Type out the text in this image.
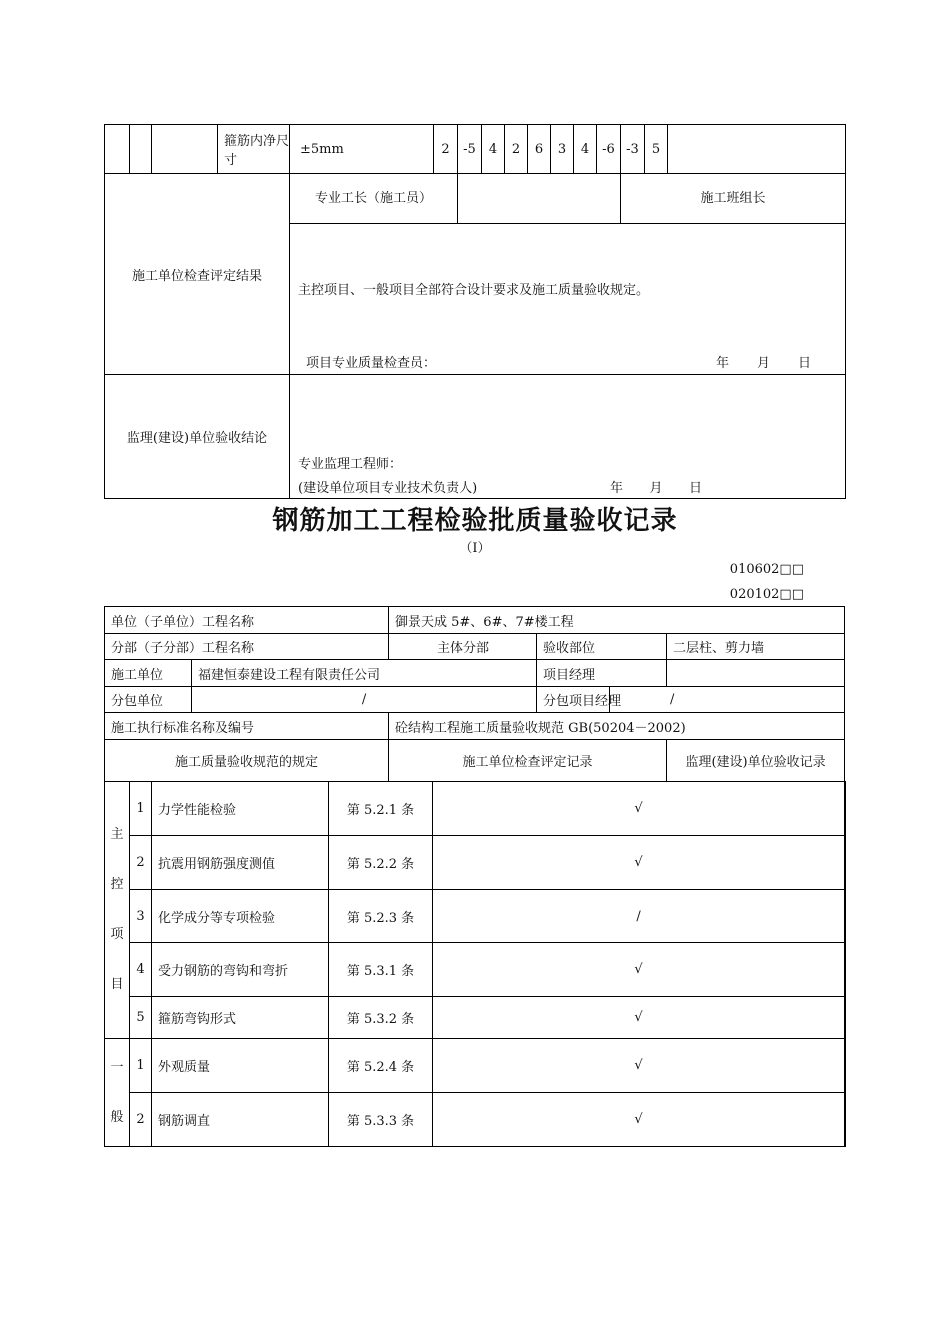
			箍筋内净尺寸	±5mm	2	-5	4	2	6	3	4	-6	-3	5		
施工单位检查评定结果				专业工长（施工员）									施工班组长			

				主控项目、一般项目全部符合设计要求及施工质量验收规定。
项目专业质量检查员： 年 月 日												

监理(建设)单位验收结论				专业监理工程师：
(建设单位项目专业技术负责人) 年 月 日												
钢筋加工工程检验批质量验收记录
（Ⅰ）
010602□□
020102□□
单位（子单位）工程名称					御景天成 5#、6#、7#楼工程					
分部（子分部）工程名称					主体分部		验收部位		二层柱、剪力墙	
施工单位			福建恒泰建设工程有限责任公司				项目经理			
分包单位			/				分包项目经理	/		
施工执行标准名称及编号					砼结构工程施工质量验收规范 GB(50204－2002)					
施工质量验收规范的规定					施工单位检查评定记录				监理(建设)单位验收记录	

主
控
项
目	1	力学性能检验		第 5.2.1 条		√				
	2	抗震用钢筋强度测值		第 5.2.2 条		√				
	3	化学成分等专项检验		第 5.2.3 条		/				
	4	受力钢筋的弯钩和弯折		第 5.3.1 条		√				
	5	箍筋弯钩形式		第 5.3.2 条		√				

一
般	1	外观质量		第 5.2.4 条		√				
	2	钢筋调直		第 5.3.3 条		√				
